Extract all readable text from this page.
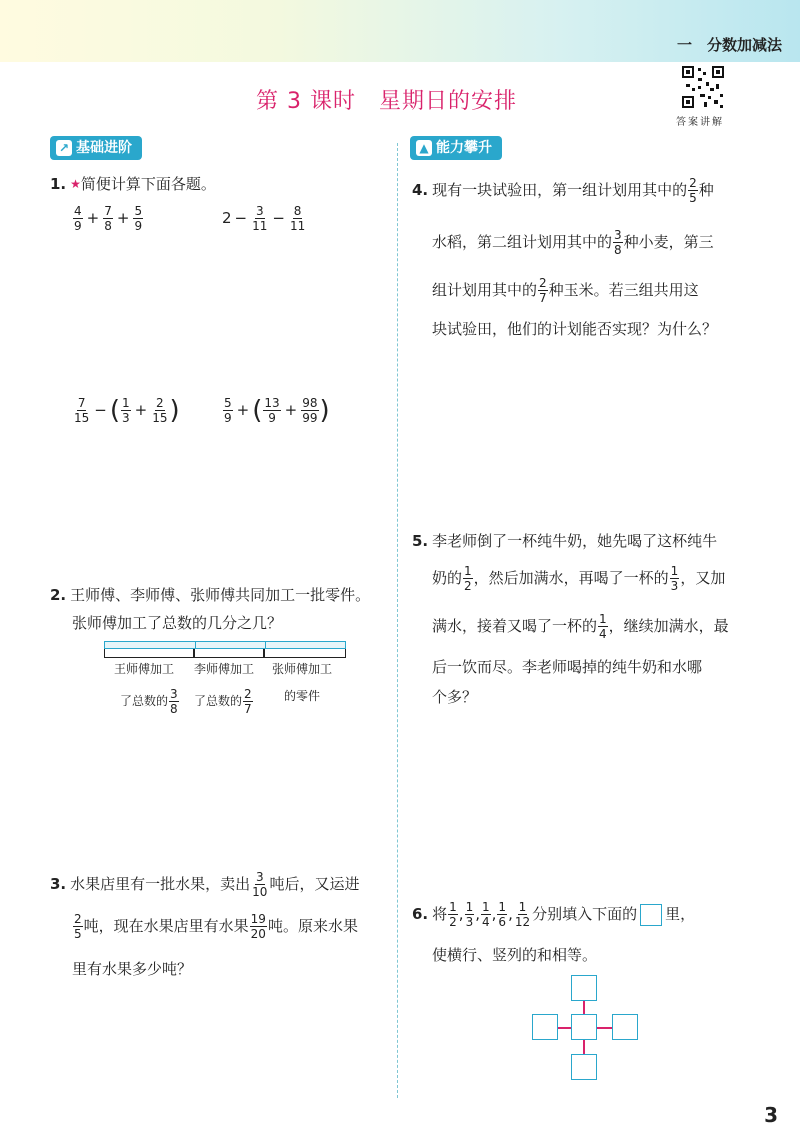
一　分数加减法
第 3 课时　星期日的安排
答案讲解
↗ 基础进阶	▲ 能力攀升
1. ★简便计算下面各题。
$\frac{4}{9} + \frac{7}{8} + \frac{5}{9}$	$2 - \frac{3}{11} - \frac{8}{11}$
$\frac{7}{15}$ − ( $\frac{1}{3} + \frac{2}{15}$ )	$\frac{5}{9}$ + ( $\frac{13}{9} + \frac{98}{99}$ )
2. 王师傅、李师傅、张师傅共同加工一批零件。
张师傅加工了总数的几分之几？
王师傅加工 李师傅加工 张师傅加工
了总数的 $\frac{3}{8}$ 了总数的 $\frac{2}{7}$	的零件
3. 水果店里有一批水果，卖出 $\frac{3}{10}$ 吨后，又运进
$\frac{2}{5}$ 吨，现在水果店里有水果 $\frac{19}{20}$ 吨。原来水果
里有水果多少吨？
4. 现有一块试验田，第一组计划用其中的 $\frac{2}{5}$ 种
水稻，第二组计划用其中的 $\frac{3}{8}$ 种小麦，第三
组计划用其中的 $\frac{2}{7}$ 种玉米。若三组共用这
块试验田，他们的计划能否实现？为什么？
5. 李老师倒了一杯纯牛奶，她先喝了这杯纯牛
奶的 $\frac{1}{2}$ ，然后加满水，再喝了一杯的 $\frac{1}{3}$ ，又加
满水，接着又喝了一杯的 $\frac{1}{4}$ ，继续加满水，最
后一饮而尽。李老师喝掉的纯牛奶和水哪
个多？
6. 将 $\frac{1}{2}$ , $\frac{1}{3}$ , $\frac{1}{4}$ , $\frac{1}{6}$ , $\frac{1}{12}$ 分别填入下面的 里，
使横行、竖列的和相等。
3
